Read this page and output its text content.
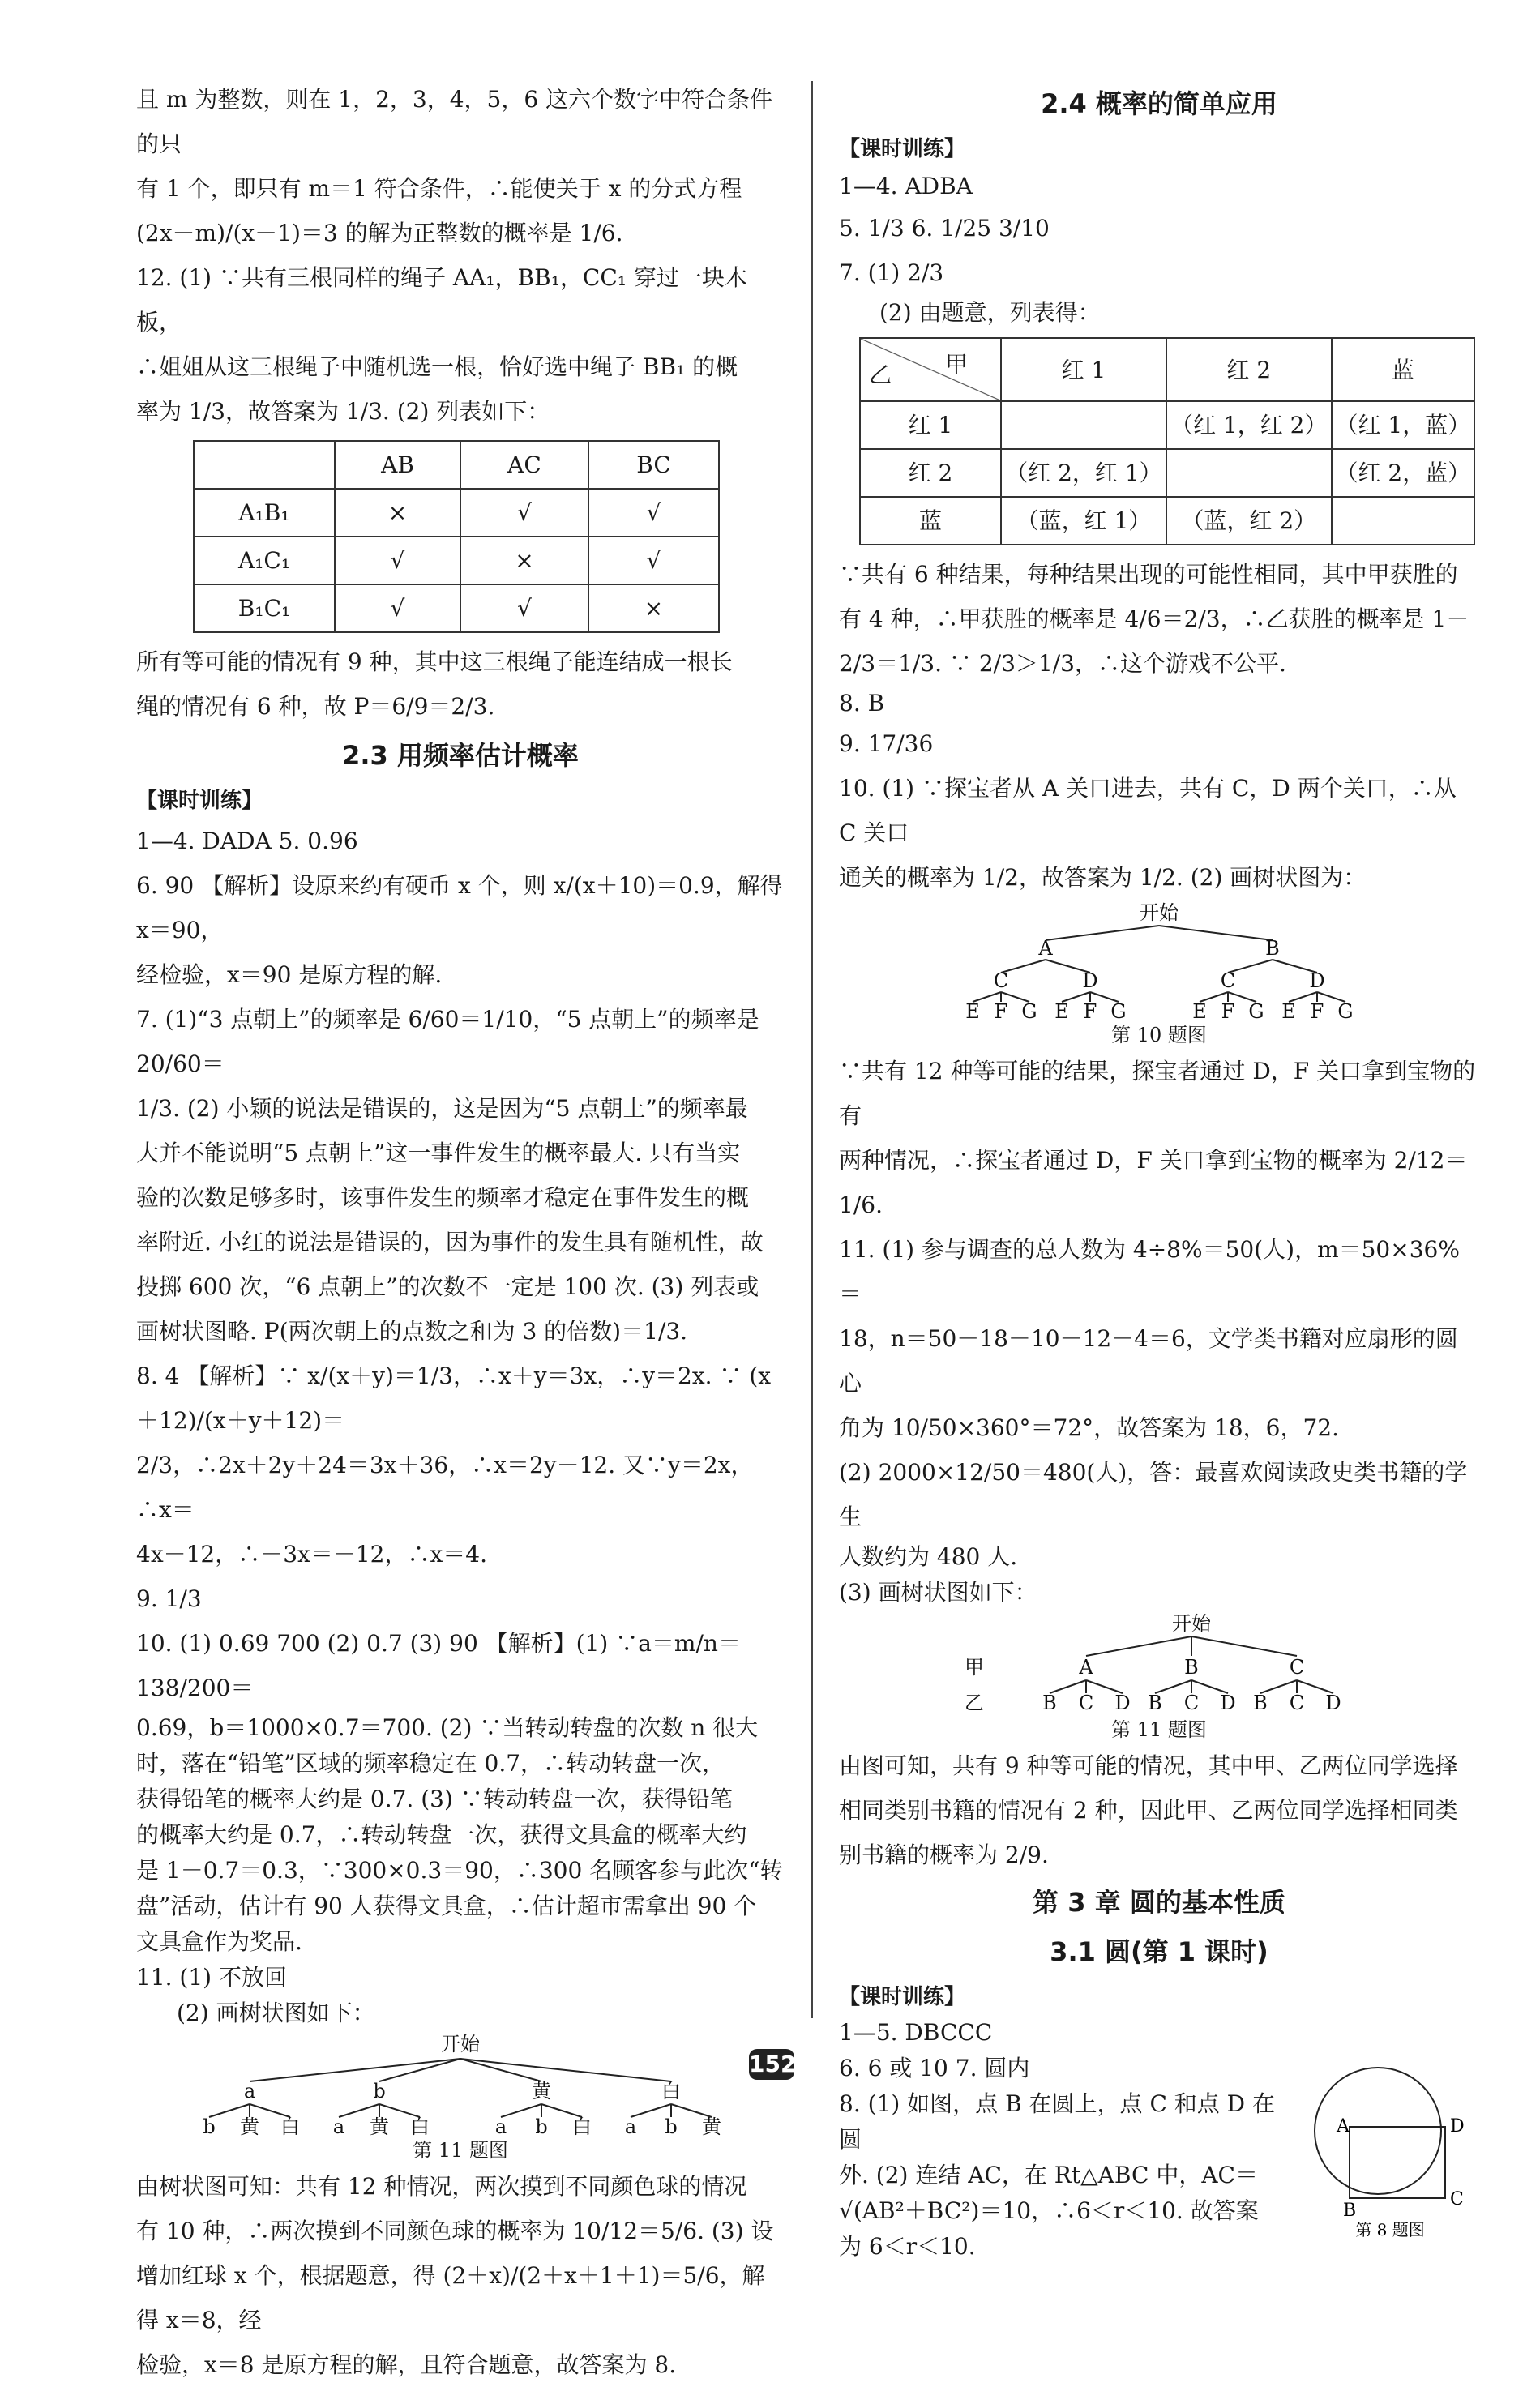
且 m 为整数，则在 1，2，3，4，5，6 这六个数字中符合条件的只

有 1 个，即只有 m＝1 符合条件，∴能使关于 x 的分式方程

(2x－m)/(x－1)＝3 的解为正整数的概率是 1/6.

12. (1) ∵共有三根同样的绳子 AA₁，BB₁，CC₁ 穿过一块木板，

∴姐姐从这三根绳子中随机选一根，恰好选中绳子 BB₁ 的概

率为 1/3，故答案为 1/3. (2) 列表如下：

	AB	AC	BC
A₁B₁	×	√	√
A₁C₁	√	×	√
B₁C₁	√	√	×

所有等可能的情况有 9 种，其中这三根绳子能连结成一根长

绳的情况有 6 种，故 P＝6/9＝2/3.

2.3 用频率估计概率

【课时训练】

1—4. DADA 5. 0.96

6. 90 【解析】设原来约有硬币 x 个，则 x/(x＋10)＝0.9，解得 x＝90，

经检验，x＝90 是原方程的解.

7. (1)“3 点朝上”的频率是 6/60＝1/10，“5 点朝上”的频率是 20/60＝

1/3. (2) 小颖的说法是错误的，这是因为“5 点朝上”的频率最

大并不能说明“5 点朝上”这一事件发生的概率最大. 只有当实

验的次数足够多时，该事件发生的频率才稳定在事件发生的概

率附近. 小红的说法是错误的，因为事件的发生具有随机性，故

投掷 600 次，“6 点朝上”的次数不一定是 100 次. (3) 列表或

画树状图略. P(两次朝上的点数之和为 3 的倍数)＝1/3.

8. 4 【解析】∵ x/(x＋y)＝1/3，∴x＋y＝3x，∴y＝2x. ∵ (x＋12)/(x＋y＋12)＝

2/3，∴2x＋2y＋24＝3x＋36，∴x＝2y－12. 又∵y＝2x，∴x＝

4x－12，∴－3x＝－12，∴x＝4.

9. 1/3

10. (1) 0.69 700 (2) 0.7 (3) 90 【解析】(1) ∵a＝m/n＝138/200＝

0.69，b＝1000×0.7＝700. (2) ∵当转动转盘的次数 n 很大

时，落在“铅笔”区域的频率稳定在 0.7，∴转动转盘一次，

获得铅笔的概率大约是 0.7. (3) ∵转动转盘一次，获得铅笔

的概率大约是 0.7，∴转动转盘一次，获得文具盒的概率大约

是 1－0.7＝0.3，∵300×0.3＝90，∴300 名顾客参与此次“转

盘”活动，估计有 90 人获得文具盒，∴估计超市需拿出 90 个

文具盒作为奖品.

11. (1) 不放回

(2) 画树状图如下：

开始
a	b	黄	白
b 黄 白 a 黄 白	a b 白 a b 黄

第 11 题图

由树状图可知：共有 12 种情况，两次摸到不同颜色球的情况

有 10 种，∴两次摸到不同颜色球的概率为 10/12＝5/6. (3) 设

增加红球 x 个，根据题意，得 (2＋x)/(2＋x＋1＋1)＝5/6，解得 x＝8，经

检验，x＝8 是原方程的解，且符合题意，故答案为 8.

2.4 概率的简单应用

【课时训练】

1—4. ADBA

5. 1/3 6. 1/25 3/10

7. (1) 2/3

(2) 由题意，列表得：

甲
乙	红 1	红 2	蓝
红 1		（红 1，红 2）	（红 1，蓝）
红 2	（红 2，红 1）		（红 2，蓝）
蓝	（蓝，红 1）	（蓝，红 2）	

∵共有 6 种结果，每种结果出现的可能性相同，其中甲获胜的

有 4 种，∴甲获胜的概率是 4/6＝2/3，∴乙获胜的概率是 1－

2/3＝1/3. ∵ 2/3＞1/3，∴这个游戏不公平.

8. B

9. 17/36

10. (1) ∵探宝者从 A 关口进去，共有 C，D 两个关口，∴从 C 关口

通关的概率为 1/2，故答案为 1/2. (2) 画树状图为：

开始
A	B
C	D	C	D
E F G E F G	E F G E F G

第 10 题图

∵共有 12 种等可能的结果，探宝者通过 D，F 关口拿到宝物的有

两种情况，∴探宝者通过 D，F 关口拿到宝物的概率为 2/12＝1/6.

11. (1) 参与调查的总人数为 4÷8%＝50(人)，m＝50×36%＝

18，n＝50－18－10－12－4＝6，文学类书籍对应扇形的圆心

角为 10/50×360°＝72°，故答案为 18，6，72.

(2) 2000×12/50＝480(人)，答：最喜欢阅读政史类书籍的学生

人数约为 480 人.

(3) 画树状图如下：

开始
甲
乙
A	B	C
B C D B C D B C D

第 11 题图

由图可知，共有 9 种等可能的情况，其中甲、乙两位同学选择

相同类别书籍的情况有 2 种，因此甲、乙两位同学选择相同类

别书籍的概率为 2/9.

第 3 章 圆的基本性质

3.1 圆(第 1 课时)

【课时训练】

1—5. DBCCC

6. 6 或 10 7. 圆内

8. (1) 如图，点 B 在圆上，点 C 和点 D 在圆

外. (2) 连结 AC，在 Rt△ABC 中，AC＝

√(AB²＋BC²)＝10，∴6＜r＜10. 故答案

为 6＜r＜10.

A	D
B
C
第 8 题图
152
